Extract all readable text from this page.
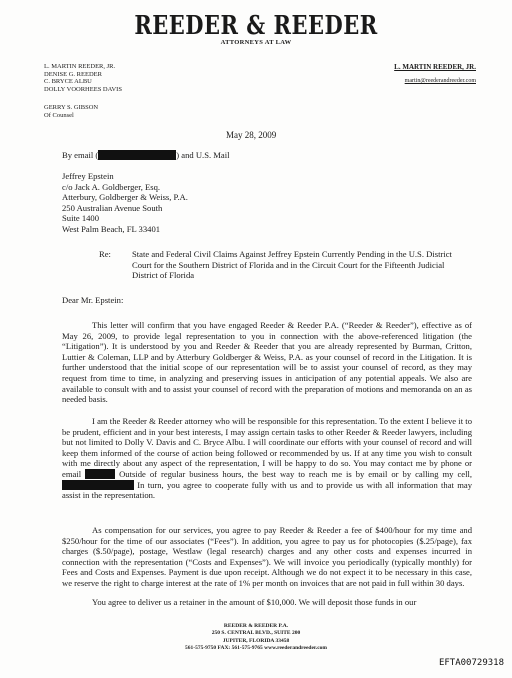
REEDER & REEDER
ATTORNEYS AT LAW
L. MARTIN REEDER, JR.
DENISE G. REEDER
C. BRYCE ALBU
DOLLY VOORHEES DAVIS
GERRY S. GIBSON
Of Counsel
L. MARTIN REEDER, JR.
martin@reederandreeder.com
May 28, 2009
By email (	) and U.S. Mail
Jeffrey Epstein
c/o Jack A. Goldberger, Esq.
Atterbury, Goldberger & Weiss, P.A.
250 Australian Avenue South
Suite 1400
West Palm Beach, FL 33401
Re: State and Federal Civil Claims Against Jeffrey Epstein Currently Pending in the U.S. District Court for the Southern District of Florida and in the Circuit Court for the Fifteenth Judicial District of Florida
Dear Mr. Epstein:
This letter will confirm that you have engaged Reeder & Reeder P.A. (“Reeder & Reeder”), effective as of May 26, 2009, to provide legal representation to you in connection with the above-referenced litigation (the “Litigation”). It is understood by you and Reeder & Reeder that you are already represented by Burman, Critton, Luttier & Coleman, LLP and by Atterbury Goldberger & Weiss, P.A. as your counsel of record in the Litigation. It is further understood that the initial scope of our representation will be to assist your counsel of record, as they may request from time to time, in analyzing and preserving issues in anticipation of any potential appeals. We also are available to consult with and to assist your counsel of record with the preparation of motions and memoranda on an as needed basis.
I am the Reeder & Reeder attorney who will be responsible for this representation. To the extent I believe it to be prudent, efficient and in your best interests, I may assign certain tasks to other Reeder & Reeder lawyers, including but not limited to Dolly V. Davis and C. Bryce Albu. I will coordinate our efforts with your counsel of record and will keep them informed of the course of action being followed or recommended by us. If at any time you wish to consult with me directly about any aspect of the representation, I will be happy to do so. You may contact me by phone or email	Outside of regular business hours, the best way to reach me is by email or by calling my cell,  In turn, you agree to cooperate fully with us and to provide us with all information that may assist in the representation.
As compensation for our services, you agree to pay Reeder & Reeder a fee of $400/hour for my time and $250/hour for the time of our associates (“Fees”). In addition, you agree to pay us for photocopies ($.25/page), fax charges ($.50/page), postage, Westlaw (legal research) charges and any other costs and expenses incurred in connection with the representation (“Costs and Expenses”). We will invoice you periodically (typically monthly) for Fees and Costs and Expenses. Payment is due upon receipt. Although we do not expect it to be necessary in this case, we reserve the right to charge interest at the rate of 1% per month on invoices that are not paid in full within 30 days.
You agree to deliver us a retainer in the amount of $10,000. We will deposit those funds in our
REEDER & REEDER P.A.
250 S. CENTRAL BLVD., SUITE 200
JUPITER, FLORIDA 33458
561-575-9750 FAX: 561-575-9765 www.reederandreeder.com
EFTA00729318
